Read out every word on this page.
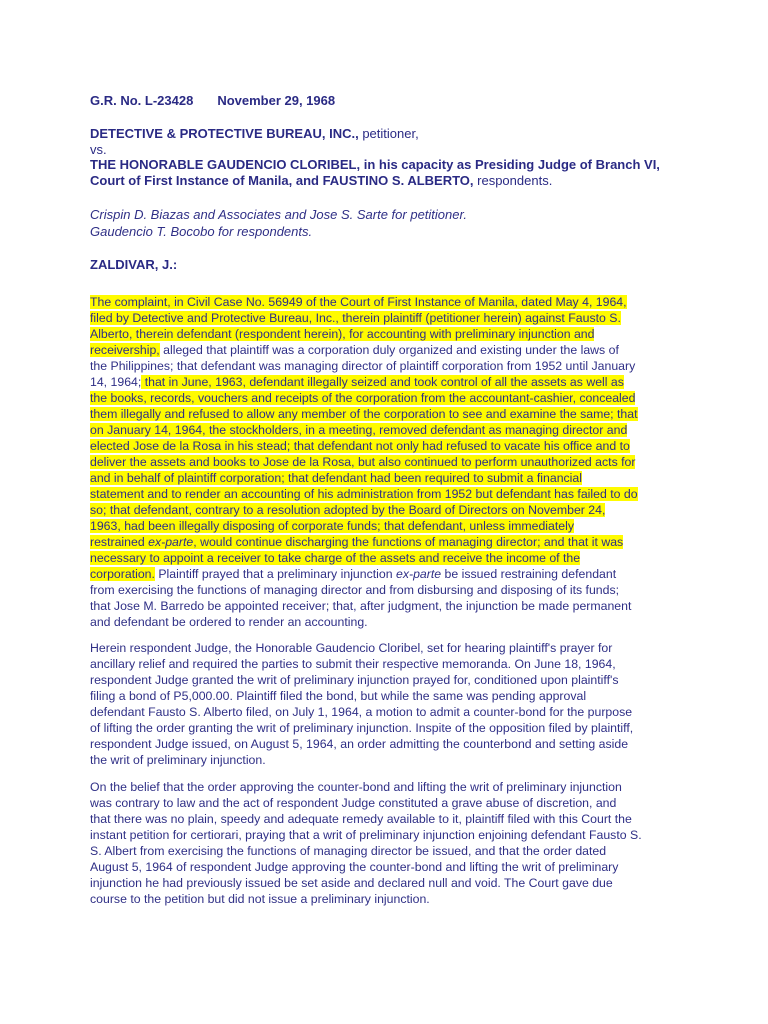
G.R. No. L-23428 November 29, 1968
DETECTIVE & PROTECTIVE BUREAU, INC., petitioner,
vs.
THE HONORABLE GAUDENCIO CLORIBEL, in his capacity as Presiding Judge of Branch VI,
Court of First Instance of Manila, and FAUSTINO S. ALBERTO, respondents.
Crispin D. Biazas and Associates and Jose S. Sarte for petitioner.
Gaudencio T. Bocobo for respondents.
ZALDIVAR, J.:
The complaint, in Civil Case No. 56949 of the Court of First Instance of Manila, dated May 4, 1964,
filed by Detective and Protective Bureau, Inc., therein plaintiff (petitioner herein) against Fausto S.
Alberto, therein defendant (respondent herein), for accounting with preliminary injunction and
receivership, alleged that plaintiff was a corporation duly organized and existing under the laws of
the Philippines; that defendant was managing director of plaintiff corporation from 1952 until January
14, 1964; that in June, 1963, defendant illegally seized and took control of all the assets as well as
the books, records, vouchers and receipts of the corporation from the accountant-cashier, concealed
them illegally and refused to allow any member of the corporation to see and examine the same; that
on January 14, 1964, the stockholders, in a meeting, removed defendant as managing director and
elected Jose de la Rosa in his stead; that defendant not only had refused to vacate his office and to
deliver the assets and books to Jose de la Rosa, but also continued to perform unauthorized acts for
and in behalf of plaintiff corporation; that defendant had been required to submit a financial
statement and to render an accounting of his administration from 1952 but defendant has failed to do
so; that defendant, contrary to a resolution adopted by the Board of Directors on November 24,
1963, had been illegally disposing of corporate funds; that defendant, unless immediately
restrained ex-parte, would continue discharging the functions of managing director; and that it was
necessary to appoint a receiver to take charge of the assets and receive the income of the
corporation. Plaintiff prayed that a preliminary injunction ex-parte be issued restraining defendant
from exercising the functions of managing director and from disbursing and disposing of its funds;
that Jose M. Barredo be appointed receiver; that, after judgment, the injunction be made permanent
and defendant be ordered to render an accounting.
Herein respondent Judge, the Honorable Gaudencio Cloribel, set for hearing plaintiff's prayer for
ancillary relief and required the parties to submit their respective memoranda. On June 18, 1964,
respondent Judge granted the writ of preliminary injunction prayed for, conditioned upon plaintiff's
filing a bond of P5,000.00. Plaintiff filed the bond, but while the same was pending approval
defendant Fausto S. Alberto filed, on July 1, 1964, a motion to admit a counter-bond for the purpose
of lifting the order granting the writ of preliminary injunction. Inspite of the opposition filed by plaintiff,
respondent Judge issued, on August 5, 1964, an order admitting the counterbond and setting aside
the writ of preliminary injunction.
On the belief that the order approving the counter-bond and lifting the writ of preliminary injunction
was contrary to law and the act of respondent Judge constituted a grave abuse of discretion, and
that there was no plain, speedy and adequate remedy available to it, plaintiff filed with this Court the
instant petition for certiorari, praying that a writ of preliminary injunction enjoining defendant Fausto S.
S. Albert from exercising the functions of managing director be issued, and that the order dated
August 5, 1964 of respondent Judge approving the counter-bond and lifting the writ of preliminary
injunction he had previously issued be set aside and declared null and void. The Court gave due
course to the petition but did not issue a preliminary injunction.
